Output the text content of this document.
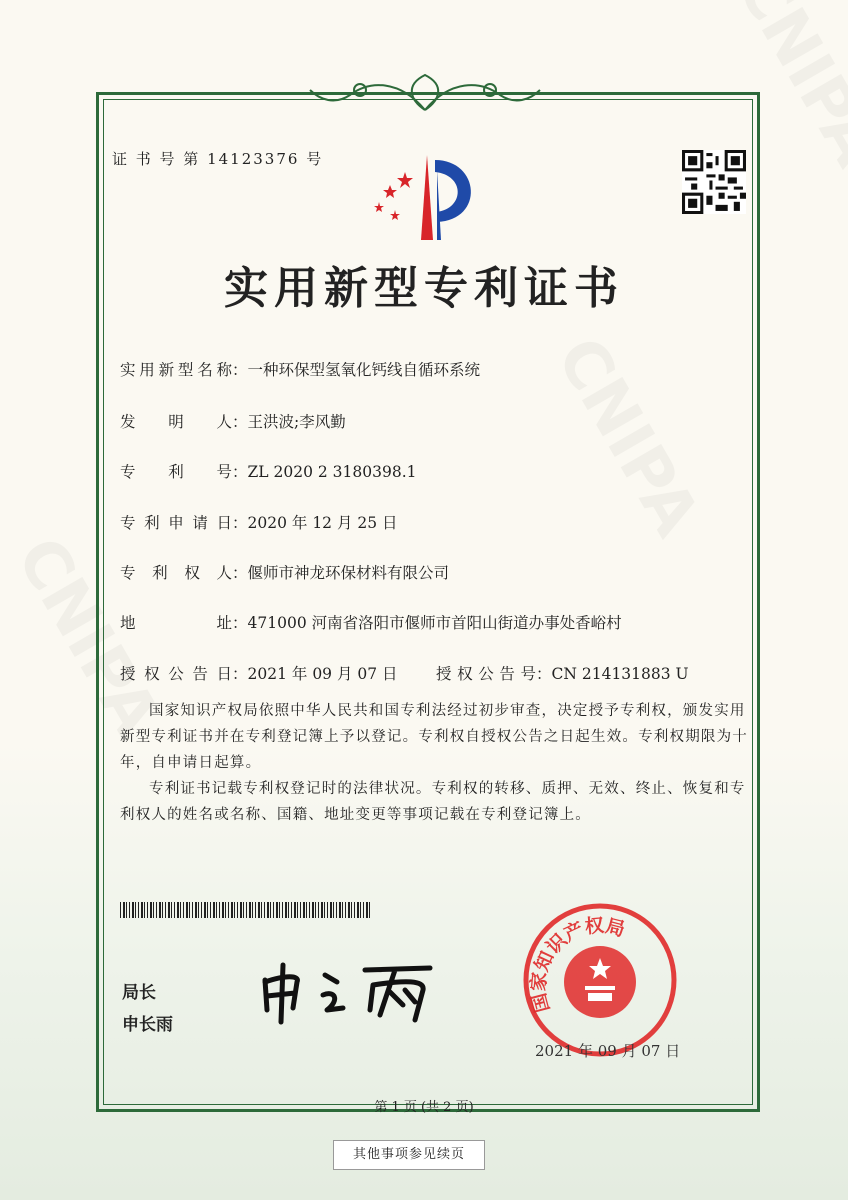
证 书 号 第 14123376 号
实用新型专利证书
实用新型名称：一种环保型氢氧化钙线自循环系统
发明人：王洪波;李风勤
专利号：ZL 2020 2 3180398.1
专利申请日：2020 年 12 月 25 日
专利权人：偃师市神龙环保材料有限公司
地址：471000 河南省洛阳市偃师市首阳山街道办事处香峪村
授权公告日：2021 年 09 月 07 日 授权公告号：CN 214131883 U

国家知识产权局依照中华人民共和国专利法经过初步审查，决定授予专利权，颁发实用新型专利证书并在专利登记簿上予以登记。专利权自授权公告之日起生效。专利权期限为十年，自申请日起算。

专利证书记载专利权登记时的法律状况。专利权的转移、质押、无效、终止、恢复和专利权人的姓名或名称、国籍、地址变更等事项记载在专利登记簿上。

局长
申长雨
国家知识产权局
2021 年 09 月 07 日
第 1 页 (共 2 页)
其他事项参见续页
